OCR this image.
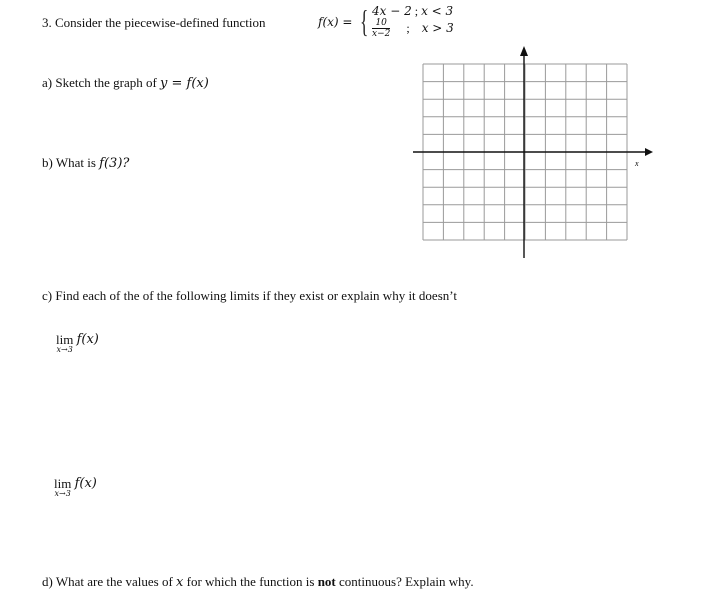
3. Consider the piecewise-defined function	f(x) = { 4x − 2 ; x < 3
$\frac{10}{x-2}$ ; x > 3
a) Sketch the graph of y = f(x)
b) What is f(3)?	x
c) Find each of the of the following limits if they exist or explain why it doesn’t
lim
x→3
f(x)
lim
x→3
f(x)
d) What are the values of x for which the function is not continuous? Explain why.
